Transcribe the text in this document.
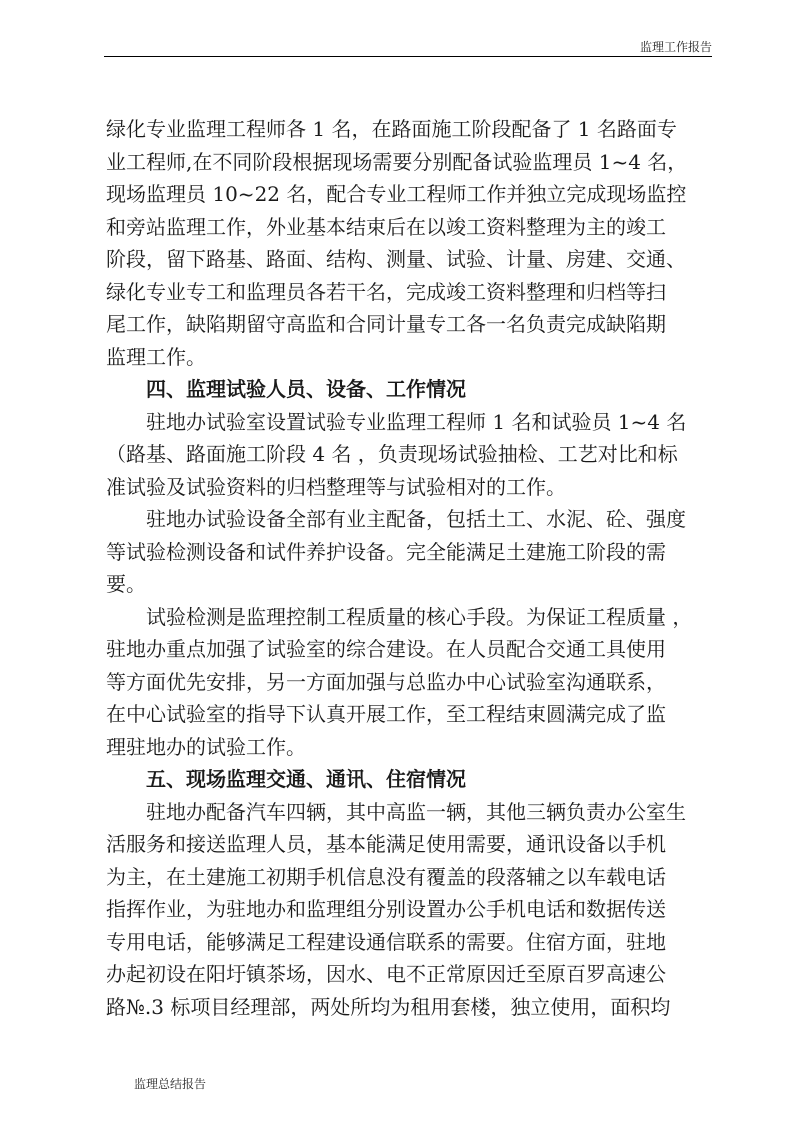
监理工作报告
绿化专业监理工程师各 1 名，在路面施工阶段配备了 1 名路面专
业工程师,在不同阶段根据现场需要分别配备试验监理员 1~4 名，
现场监理员 10~22 名，配合专业工程师工作并独立完成现场监控
和旁站监理工作，外业基本结束后在以竣工资料整理为主的竣工
阶段，留下路基、路面、结构、测量、试验、计量、房建、交通、
绿化专业专工和监理员各若干名，完成竣工资料整理和归档等扫
尾工作，缺陷期留守高监和合同计量专工各一名负责完成缺陷期
监理工作。
四、监理试验人员、设备、工作情况
驻地办试验室设置试验专业监理工程师 1 名和试验员 1~4 名
（路基、路面施工阶段 4 名 ，负责现场试验抽检、工艺对比和标
准试验及试验资料的归档整理等与试验相对的工作。
驻地办试验设备全部有业主配备，包括土工、水泥、砼、强度
等试验检测设备和试件养护设备。完全能满足土建施工阶段的需
要。
试验检测是监理控制工程质量的核心手段。为保证工程质量 ，
驻地办重点加强了试验室的综合建设。在人员配合交通工具使用
等方面优先安排，另一方面加强与总监办中心试验室沟通联系，
在中心试验室的指导下认真开展工作，至工程结束圆满完成了监
理驻地办的试验工作。
五、现场监理交通、通讯、住宿情况
驻地办配备汽车四辆，其中高监一辆，其他三辆负责办公室生
活服务和接送监理人员，基本能满足使用需要，通讯设备以手机
为主，在土建施工初期手机信息没有覆盖的段落辅之以车载电话
指挥作业，为驻地办和监理组分别设置办公手机电话和数据传送
专用电话，能够满足工程建设通信联系的需要。住宿方面，驻地
办起初设在阳圩镇茶场，因水、电不正常原因迁至原百罗高速公
路№.3 标项目经理部，两处所均为租用套楼，独立使用，面积均
监理总结报告
